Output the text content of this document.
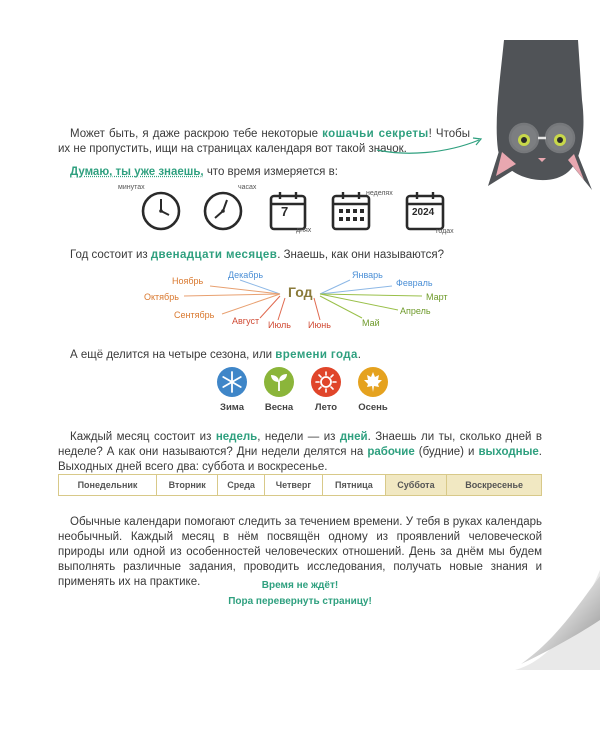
Может быть, я даже раскрою тебе некоторые кошачьи секреты! Чтобы их не пропустить, ищи на страницах календаря вот такой значок.

Думаю, ты уже знаешь, что время измеряется в:

минутах	часах
7
днях
неделях
2024
годах

Год состоит из двенадцати месяцев. Знаешь, как они называются?

Год
Январь
Февраль
Март
Апрель
Май
Июнь
Июль
Август
Сентябрь
Октябрь
Ноябрь
Декабрь

А ещё делится на четыре сезона, или времени года.

Зима	Весна	Лето	Осень

Каждый месяц состоит из недель, недели — из дней. Знаешь ли ты, сколько дней в неделе? А как они называются? Дни недели делятся на рабочие (будние) и выходные. Выходных дней всего два: суббота и воскресенье.

Понедельник	Вторник	Среда	Четверг	Пятница	Суббота	Воскресенье

Обычные календари помогают следить за течением времени. У тебя в руках календарь необычный. Каждый месяц в нём посвящён одному из проявлений человеческой природы или одной из особенностей человеческих отношений. День за днём мы будем выполнять различные задания, проводить исследования, получать новые знания и применять их на практике.	Время не ждёт!
Пора перевернуть страницу!
